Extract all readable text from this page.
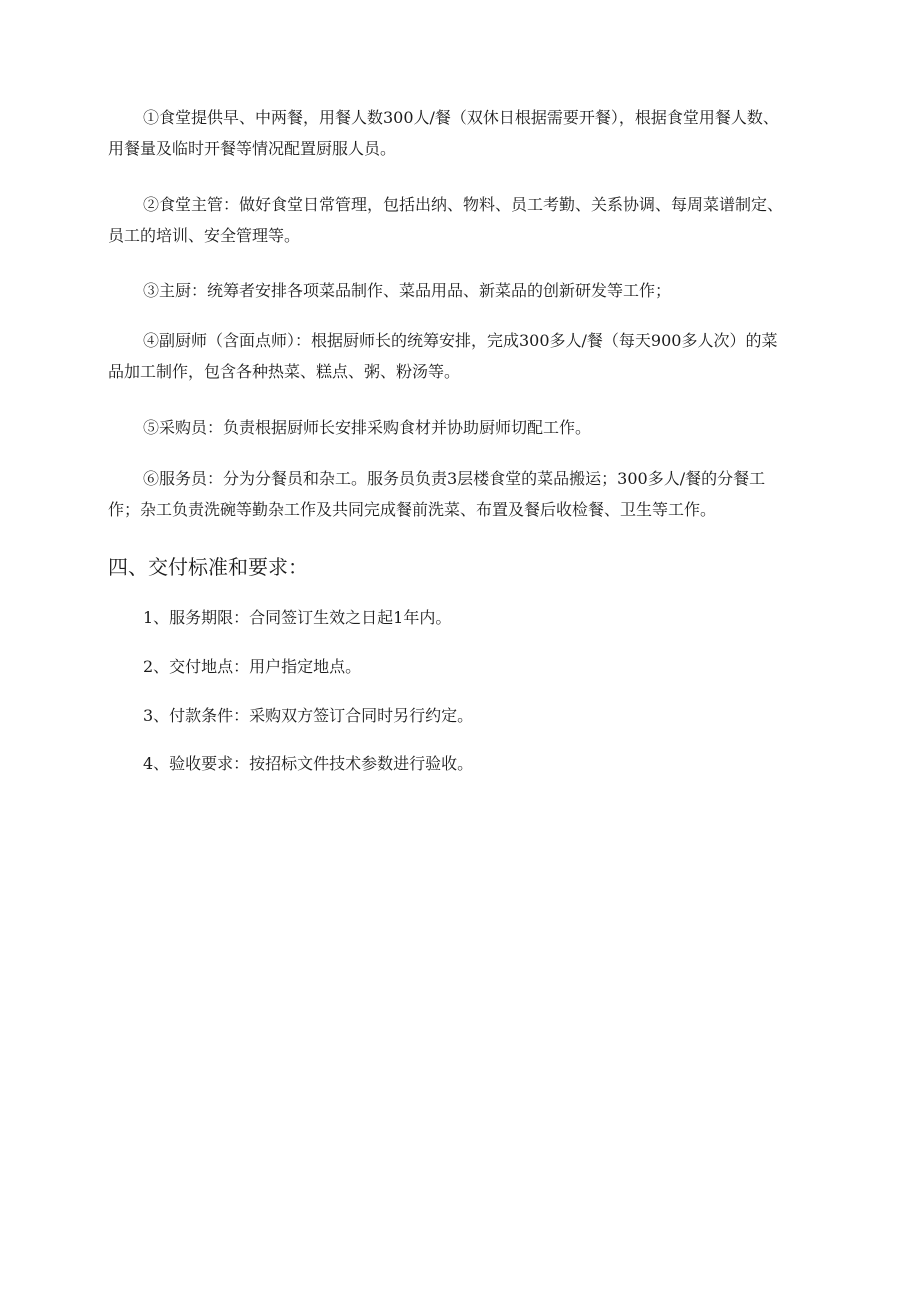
①食堂提供早、中两餐，用餐人数300人/餐（双休日根据需要开餐），根据食堂用餐人数、
用餐量及临时开餐等情况配置厨服人员。
②食堂主管：做好食堂日常管理，包括出纳、物料、员工考勤、关系协调、每周菜谱制定、
员工的培训、安全管理等。
③主厨：统筹者安排各项菜品制作、菜品用品、新菜品的创新研发等工作；
④副厨师（含面点师）：根据厨师长的统筹安排，完成300多人/餐（每天900多人次）的菜
品加工制作，包含各种热菜、糕点、粥、粉汤等。
⑤采购员：负责根据厨师长安排采购食材并协助厨师切配工作。
⑥服务员：分为分餐员和杂工。服务员负责3层楼食堂的菜品搬运；300多人/餐的分餐工
作；杂工负责洗碗等勤杂工作及共同完成餐前洗菜、布置及餐后收检餐、卫生等工作。
四、交付标准和要求：
1、服务期限：合同签订生效之日起1年内。
2、交付地点：用户指定地点。
3、付款条件：采购双方签订合同时另行约定。
4、验收要求：按招标文件技术参数进行验收。
